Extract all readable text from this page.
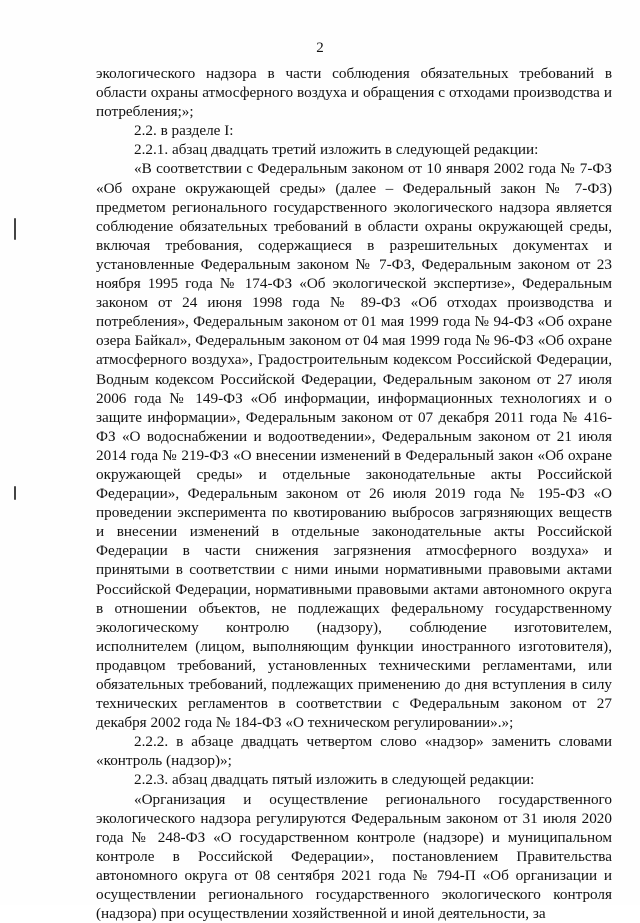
2

экологического надзора в части соблюдения обязательных требований в области охраны атмосферного воздуха и обращения с отходами производства и потребления;»;

2.2. в разделе I:

2.2.1. абзац двадцать третий изложить в следующей редакции:

«В соответствии с Федеральным законом от 10 января 2002 года № 7-ФЗ «Об охране окружающей среды» (далее – Федеральный закон № 7-ФЗ) предметом регионального государственного экологического надзора является соблюдение обязательных требований в области охраны окружающей среды, включая требования, содержащиеся в разрешительных документах и установленные Федеральным законом № 7-ФЗ, Федеральным законом от 23 ноября 1995 года № 174-ФЗ «Об экологической экспертизе», Федеральным законом от 24 июня 1998 года № 89-ФЗ «Об отходах производства и потребления», Федеральным законом от 01 мая 1999 года № 94-ФЗ «Об охране озера Байкал», Федеральным законом от 04 мая 1999 года № 96-ФЗ «Об охране атмосферного воздуха», Градостроительным кодексом Российской Федерации, Водным кодексом Российской Федерации, Федеральным законом от 27 июля 2006 года № 149-ФЗ «Об информации, информационных технологиях и о защите информации», Федеральным законом от 07 декабря 2011 года № 416-ФЗ «О водоснабжении и водоотведении», Федеральным законом от 21 июля 2014 года № 219-ФЗ «О внесении изменений в Федеральный закон «Об охране окружающей среды» и отдельные законодательные акты Российской Федерации», Федеральным законом от 26 июля 2019 года № 195-ФЗ «О проведении эксперимента по квотированию выбросов загрязняющих веществ и внесении изменений в отдельные законодательные акты Российской Федерации в части снижения загрязнения атмосферного воздуха» и принятыми в соответствии с ними иными нормативными правовыми актами Российской Федерации, нормативными правовыми актами автономного округа в отношении объектов, не подлежащих федеральному государственному экологическому контролю (надзору), соблюдение изготовителем, исполнителем (лицом, выполняющим функции иностранного изготовителя), продавцом требований, установленных техническими регламентами, или обязательных требований, подлежащих применению до дня вступления в силу технических регламентов в соответствии с Федеральным законом от 27 декабря 2002 года № 184-ФЗ «О техническом регулировании».»;

2.2.2. в абзаце двадцать четвертом слово «надзор» заменить словами «контроль (надзор)»;

2.2.3. абзац двадцать пятый изложить в следующей редакции:

«Организация и осуществление регионального государственного экологического надзора регулируются Федеральным законом от 31 июля 2020 года № 248-ФЗ «О государственном контроле (надзоре) и муниципальном контроле в Российской Федерации», постановлением Правительства автономного округа от 08 сентября 2021 года № 794-П «Об организации и осуществлении регионального государственного экологического контроля (надзора) при осуществлении хозяйственной и иной деятельности, за
